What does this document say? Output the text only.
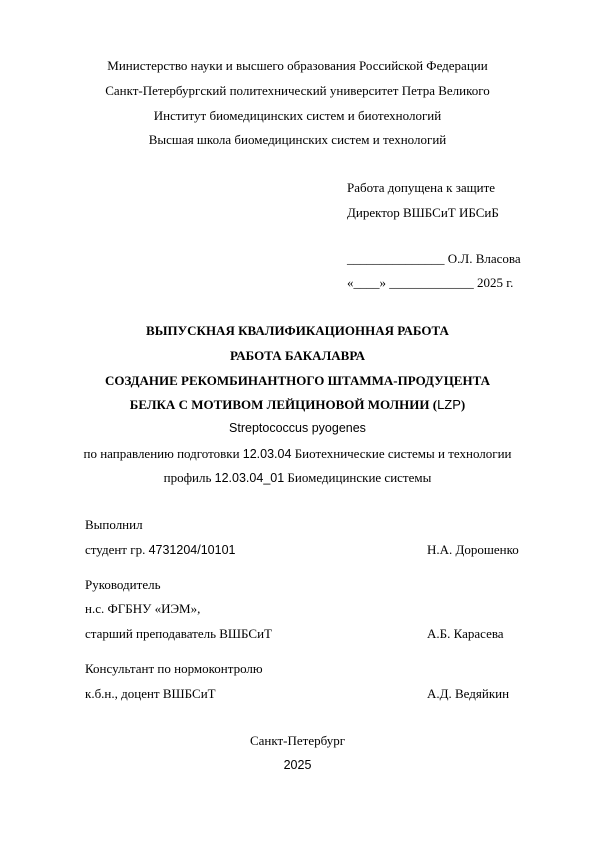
Министерство науки и высшего образования Российской Федерации
Санкт-Петербургский политехнический университет Петра Великого
Институт биомедицинских систем и биотехнологий
Высшая школа биомедицинских систем и технологий
Работа допущена к защите
Директор ВШБСиТ ИБСиБ
_______________ О.Л. Власова
«____» _____________ 2025 г.
ВЫПУСКНАЯ КВАЛИФИКАЦИОННАЯ РАБОТА
РАБОТА БАКАЛАВРА
СОЗДАНИЕ РЕКОМБИНАНТНОГО ШТАММА-ПРОДУЦЕНТА
БЕЛКА С МОТИВОМ ЛЕЙЦИНОВОЙ МОЛНИИ (LZP)
Streptococcus pyogenes
по направлению подготовки 12.03.04 Биотехнические системы и технологии
профиль 12.03.04_01 Биомедицинские системы
Выполнил
студент гр. 4731204/10101	Н.А. Дорошенко
Руководитель
н.с. ФГБНУ «ИЭМ»,
старший преподаватель ВШБСиТ	А.Б. Карасева
Консультант по нормоконтролю
к.б.н., доцент ВШБСиТ	А.Д. Ведяйкин
Санкт-Петербург
2025
